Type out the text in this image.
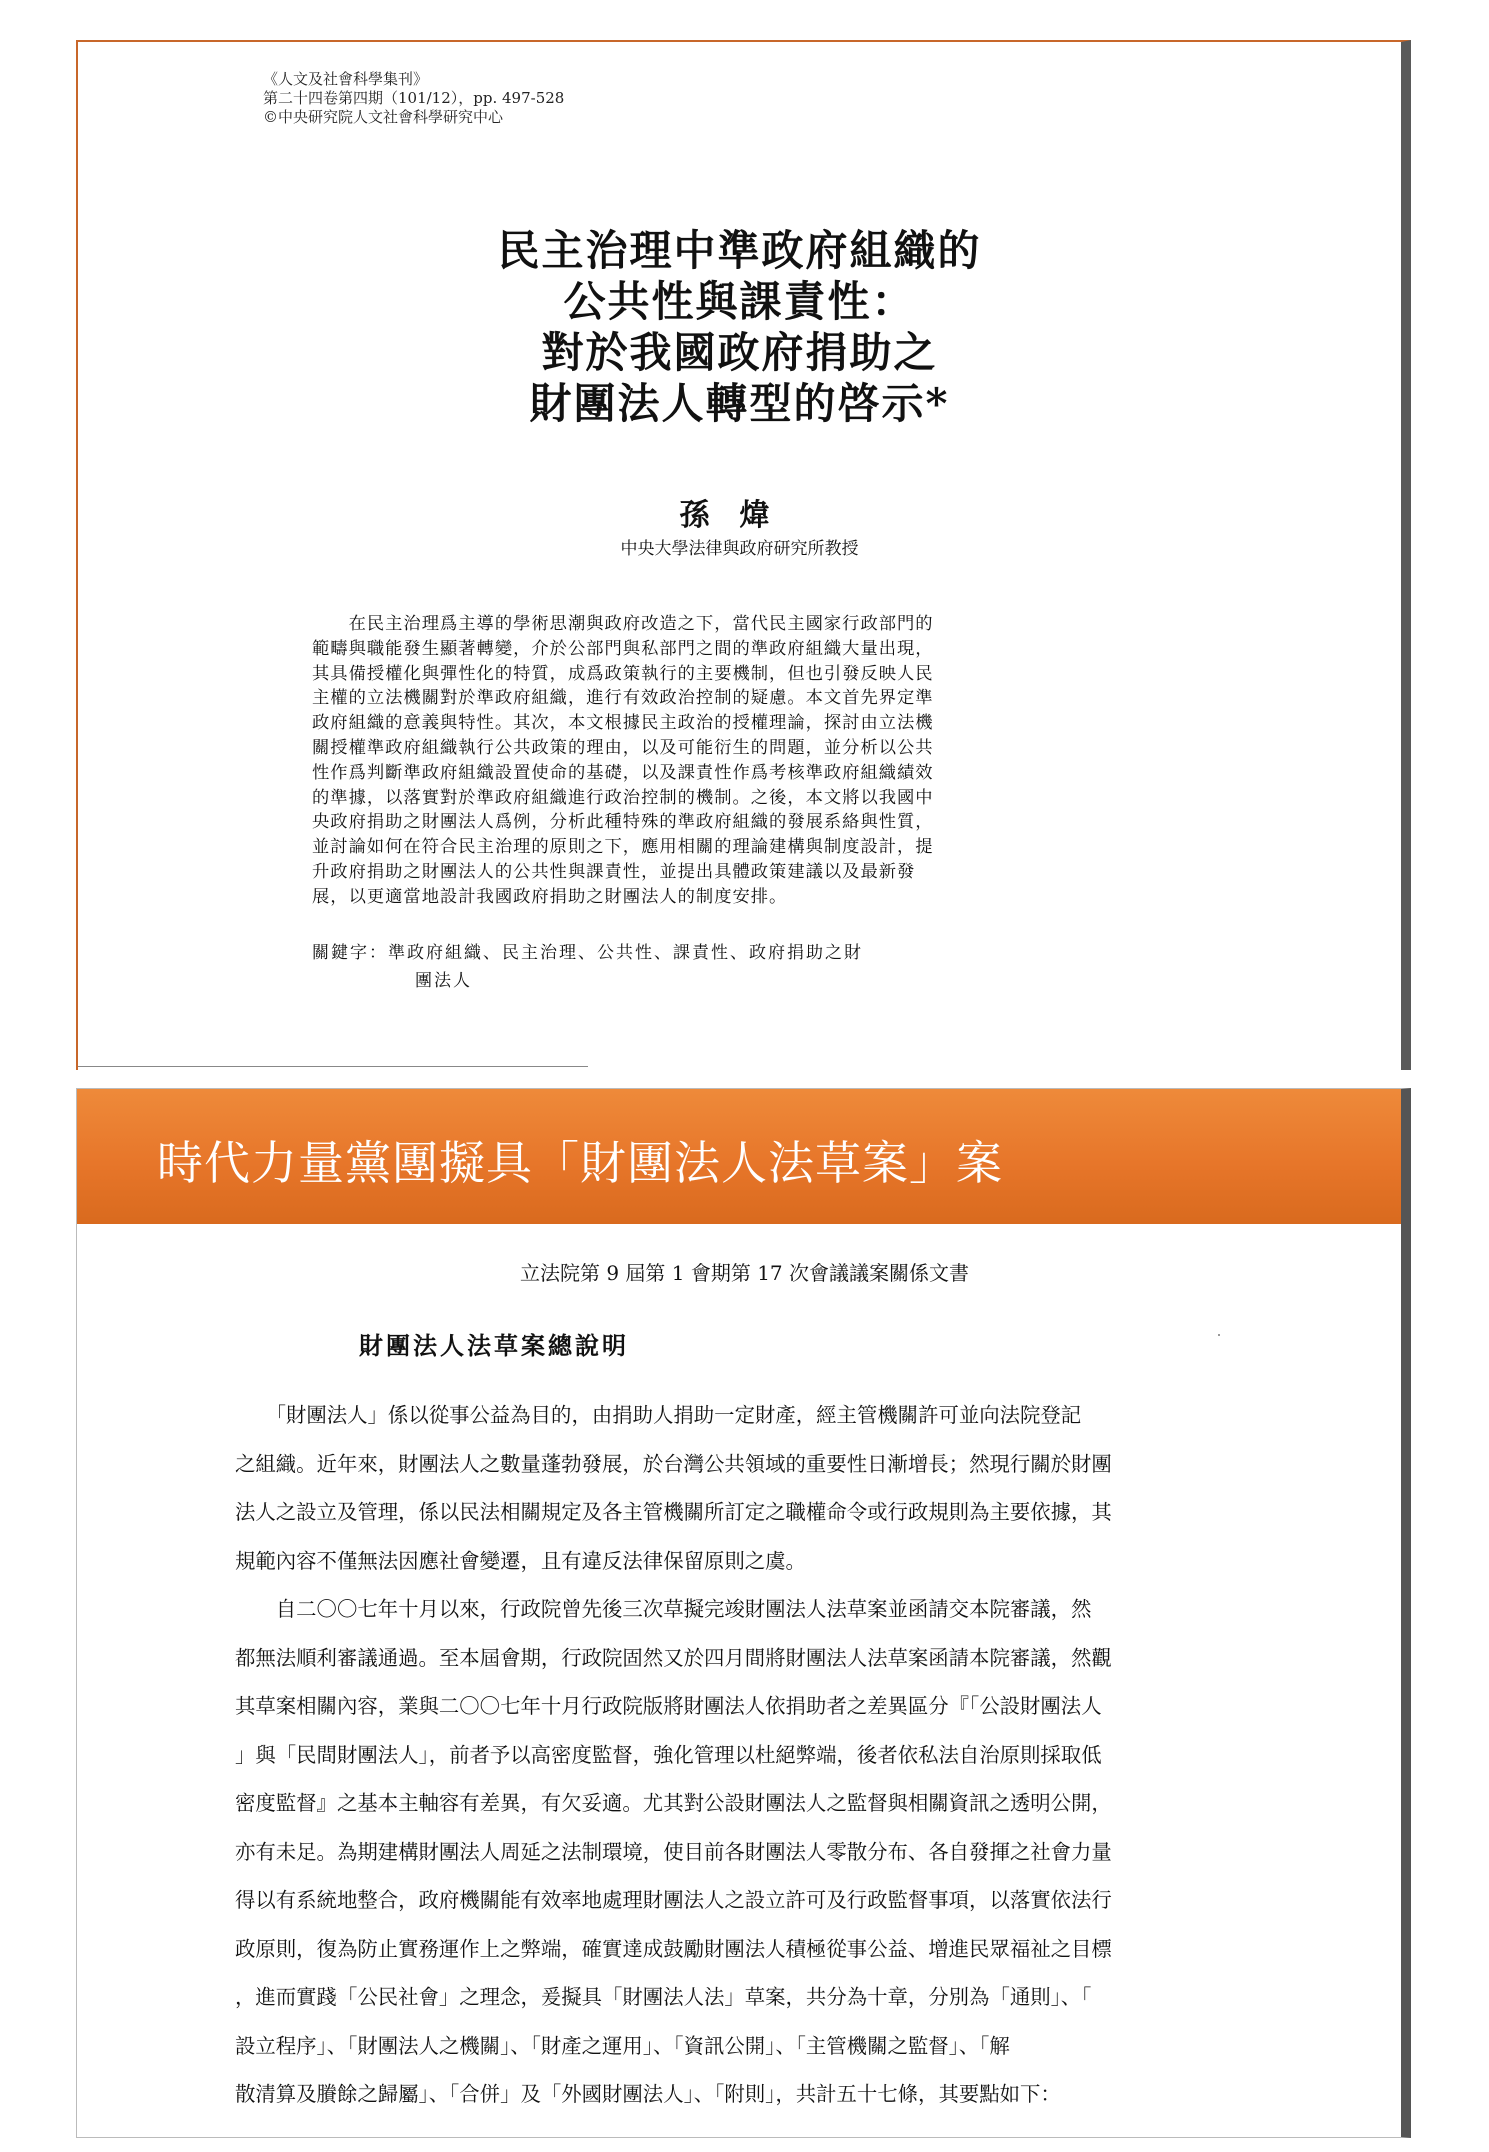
《人文及社會科學集刊》
第二十四卷第四期（101/12），pp. 497-528
©中央研究院人文社會科學研究中心
民主治理中準政府組織的
公共性與課責性：
對於我國政府捐助之
財團法人轉型的啓示*
孫煒
中央大學法律與政府研究所教授
　　在民主治理爲主導的學術思潮與政府改造之下，當代民主國家行政部門的
範疇與職能發生顯著轉變，介於公部門與私部門之間的準政府組織大量出現，
其具備授權化與彈性化的特質，成爲政策執行的主要機制，但也引發反映人民
主權的立法機關對於準政府組織，進行有效政治控制的疑慮。本文首先界定準
政府組織的意義與特性。其次，本文根據民主政治的授權理論，探討由立法機
關授權準政府組織執行公共政策的理由，以及可能衍生的問題，並分析以公共
性作爲判斷準政府組織設置使命的基礎，以及課責性作爲考核準政府組織績效
的準據，以落實對於準政府組織進行政治控制的機制。之後，本文將以我國中
央政府捐助之財團法人爲例，分析此種特殊的準政府組織的發展系絡與性質，
並討論如何在符合民主治理的原則之下，應用相關的理論建構與制度設計，提
升政府捐助之財團法人的公共性與課責性，並提出具體政策建議以及最新發
展，以更適當地設計我國政府捐助之財團法人的制度安排。
關鍵字：準政府組織、民主治理、公共性、課責性、政府捐助之財
團法人
時代力量黨團擬具「財團法人法草案」案
立法院第 9 屆第 1 會期第 17 次會議議案關係文書
財團法人法草案總說明
　　「財團法人」係以從事公益為目的，由捐助人捐助一定財產，經主管機關許可並向法院登記
之組織。近年來，財團法人之數量蓬勃發展，於台灣公共領域的重要性日漸增長；然現行關於財團
法人之設立及管理，係以民法相關規定及各主管機關所訂定之職權命令或行政規則為主要依據，其
規範內容不僅無法因應社會變遷，且有違反法律保留原則之虞。
　　自二〇〇七年十月以來，行政院曾先後三次草擬完竣財團法人法草案並函請交本院審議，然
都無法順利審議通過。至本屆會期，行政院固然又於四月間將財團法人法草案函請本院審議，然觀
其草案相關內容，業與二〇〇七年十月行政院版將財團法人依捐助者之差異區分『「公設財團法人
」與「民間財團法人」，前者予以高密度監督，強化管理以杜絕弊端，後者依私法自治原則採取低
密度監督』之基本主軸容有差異，有欠妥適。尤其對公設財團法人之監督與相關資訊之透明公開，
亦有未足。為期建構財團法人周延之法制環境，使目前各財團法人零散分布、各自發揮之社會力量
得以有系統地整合，政府機關能有效率地處理財團法人之設立許可及行政監督事項，以落實依法行
政原則，復為防止實務運作上之弊端，確實達成鼓勵財團法人積極從事公益、增進民眾福祉之目標
，進而實踐「公民社會」之理念，爰擬具「財團法人法」草案，共分為十章，分別為「通則」、「
設立程序」、「財團法人之機關」、「財產之運用」、「資訊公開」、「主管機關之監督」、「解
散清算及賸餘之歸屬」、「合併」及「外國財團法人」、「附則」，共計五十七條，其要點如下：
